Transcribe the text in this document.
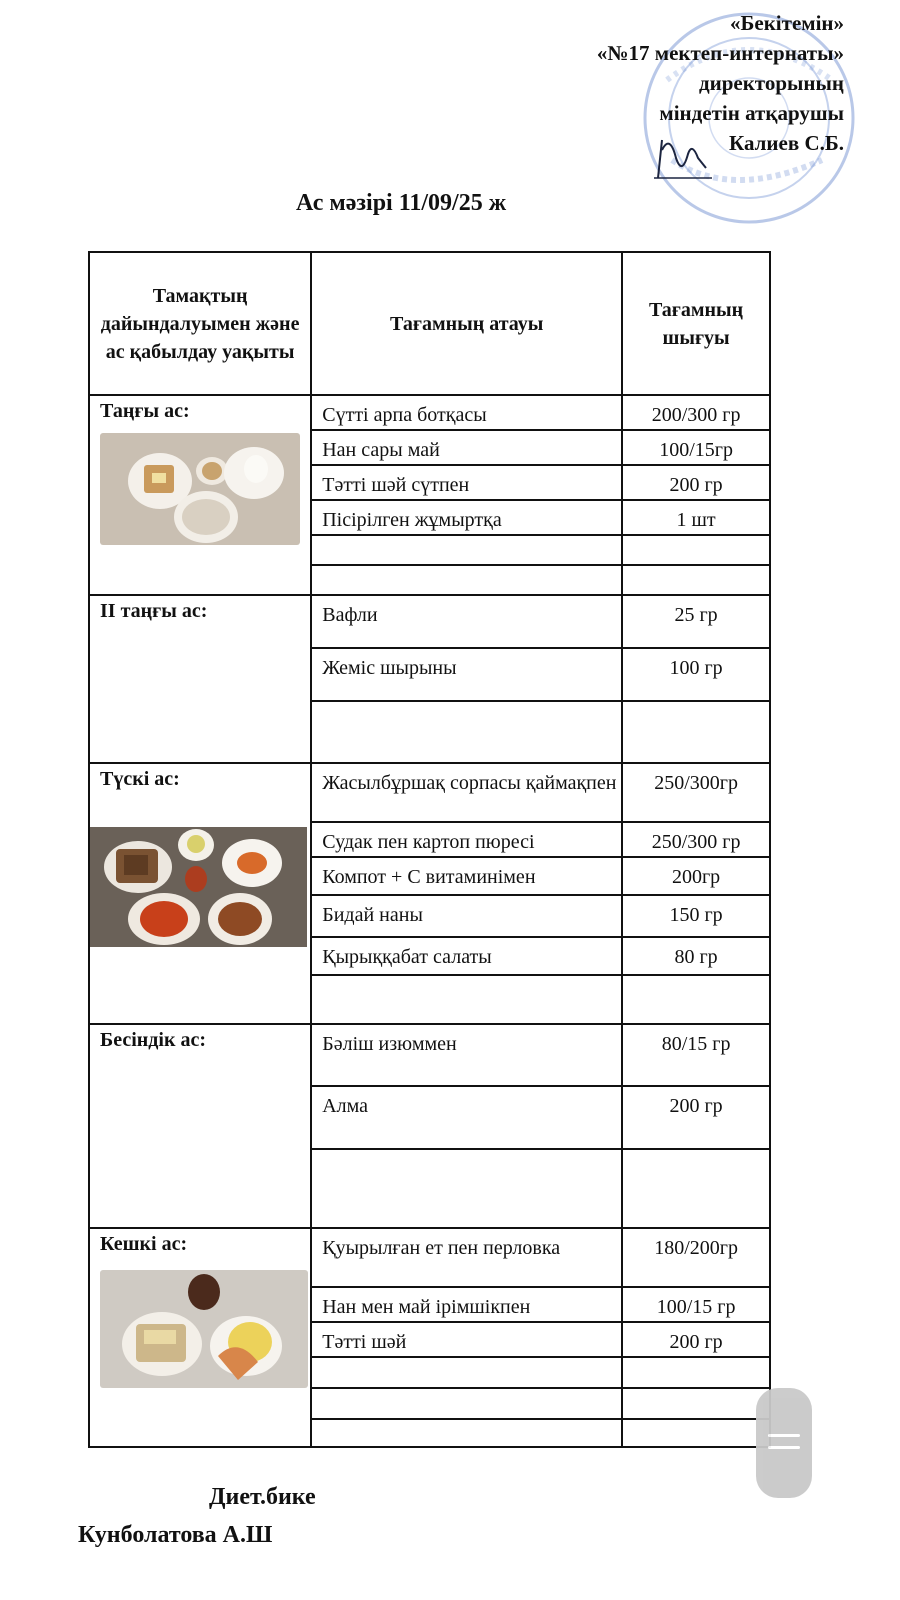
«Бекітемін»
«№17 мектеп-интернаты»
директорының
міндетін атқарушы
Калиев С.Б.
Ас мәзірі 11/09/25 ж
Тамақтың дайындалуымен және ас қабылдау уақыты	Тағамның атауы	Тағамның шығуы

Таңғы ас:	Сүтті арпа ботқасы	200/300 гр
	Нан сары май	100/15гр
	Тәтті шәй сүтпен	200 гр
	Пісірілген жұмыртқа	1 шт

ІІ таңғы ас:	Вафли	25 гр
	Жеміс шырыны	100 гр

Түскі ас:	Жасылбұршақ сорпасы қаймақпен	250/300гр
	Судак пен картоп пюресі	250/300 гр
	Компот + С витаминімен	200гр
	Бидай наны	150 гр
	Қырыққабат салаты	80 гр

Бесіндік ас:	Бәліш изюммен	80/15 гр
	Алма	200 гр

Кешкі ас:	Қуырылған ет пен перловка	180/200гр
	Нан мен май ірімшікпен	100/15 гр
	Тәтті шәй	200 гр

Диет.бике
Кунболатова А.Ш
